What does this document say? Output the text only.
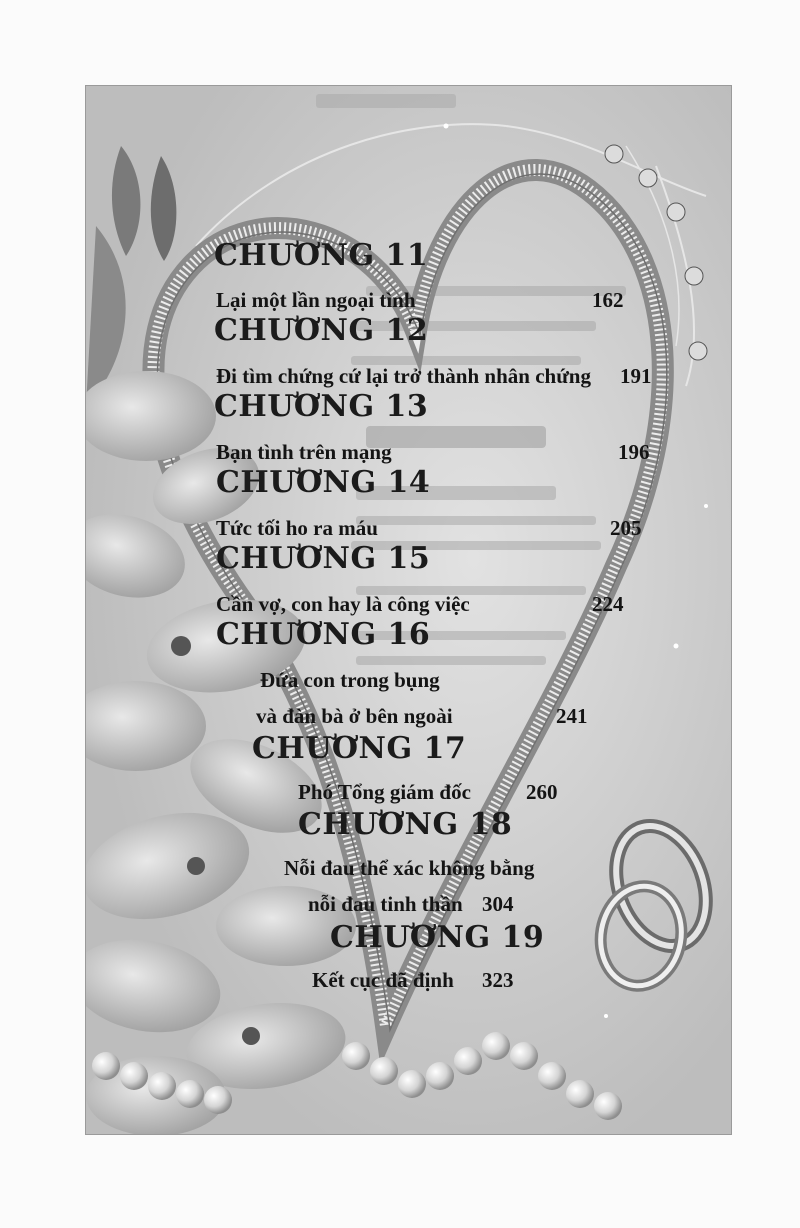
CHƯƠNG 11
Lại một lần ngoại tình	162
CHƯƠNG 12
Đi tìm chứng cứ lại trở thành nhân chứng 191
CHƯƠNG 13
Bạn tình trên mạng	196
CHƯƠNG 14
Tức tối ho ra máu	205
CHƯƠNG 15
Cần vợ, con hay là công việc	224
CHƯƠNG 16
Đứa con trong bụng
và đàn bà ở bên ngoài	241
CHƯƠNG 17
Phó Tổng giám đốc	260
CHƯƠNG 18
Nỗi đau thể xác không bằng
nỗi đau tinh thần 304
CHƯƠNG 19
Kết cục đã định 323
